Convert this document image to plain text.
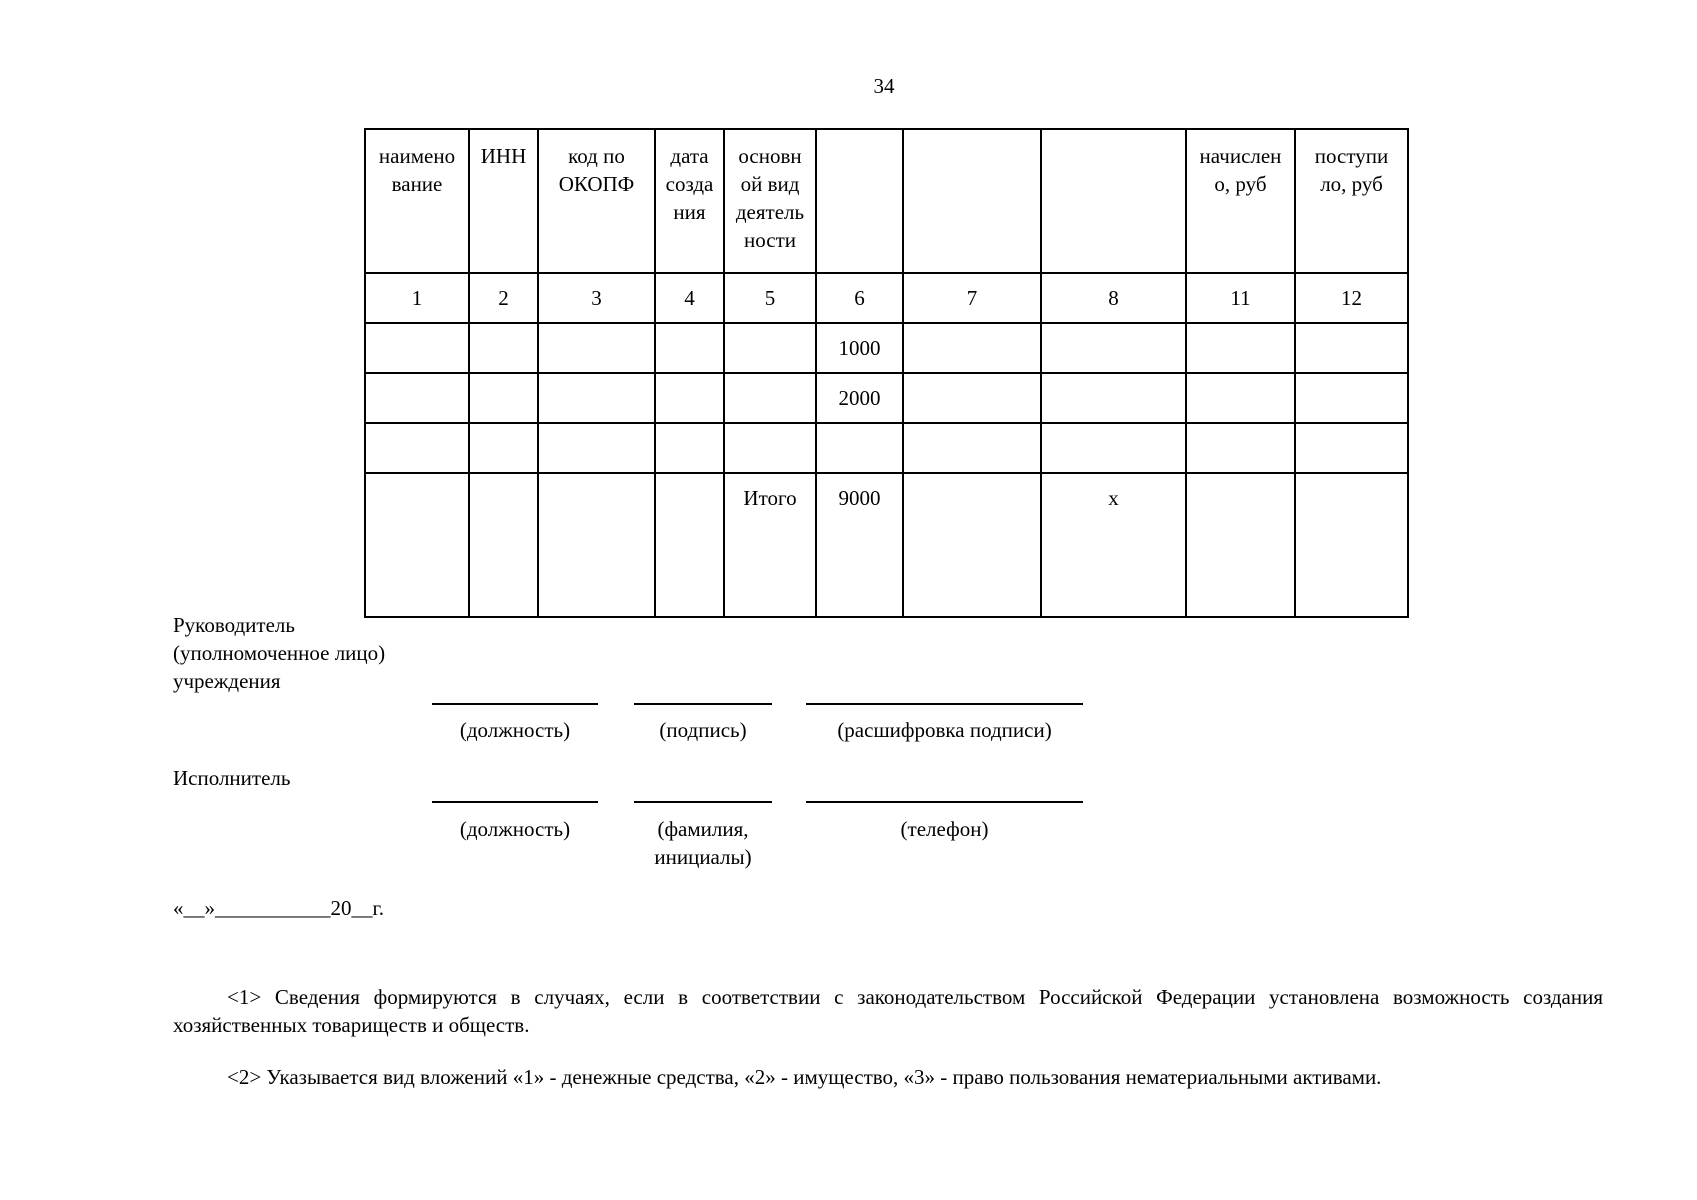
34
наимено
вание	ИНН	код по
ОКОПФ	дата
созда
ния	основн
ой вид
деятель
ности				начислен
о, руб	поступи
ло, руб
1	2	3	4	5	6	7	8	11	12
					1000				
					2000				

				Итого	9000		x		
Руководитель
(уполномоченное лицо)
учреждения
(должность)	(подпись)	(расшифровка подписи)
Исполнитель
(должность)	(фамилия,
инициалы)
(телефон)
«__»___________20__г.
<1> Сведения формируются в случаях, если в соответствии с законодательством Российской Федерации установлена возможность создания хозяйственных товариществ и обществ.
<2> Указывается вид вложений «1» - денежные средства, «2» - имущество, «3» - право пользования нематериальными активами.
